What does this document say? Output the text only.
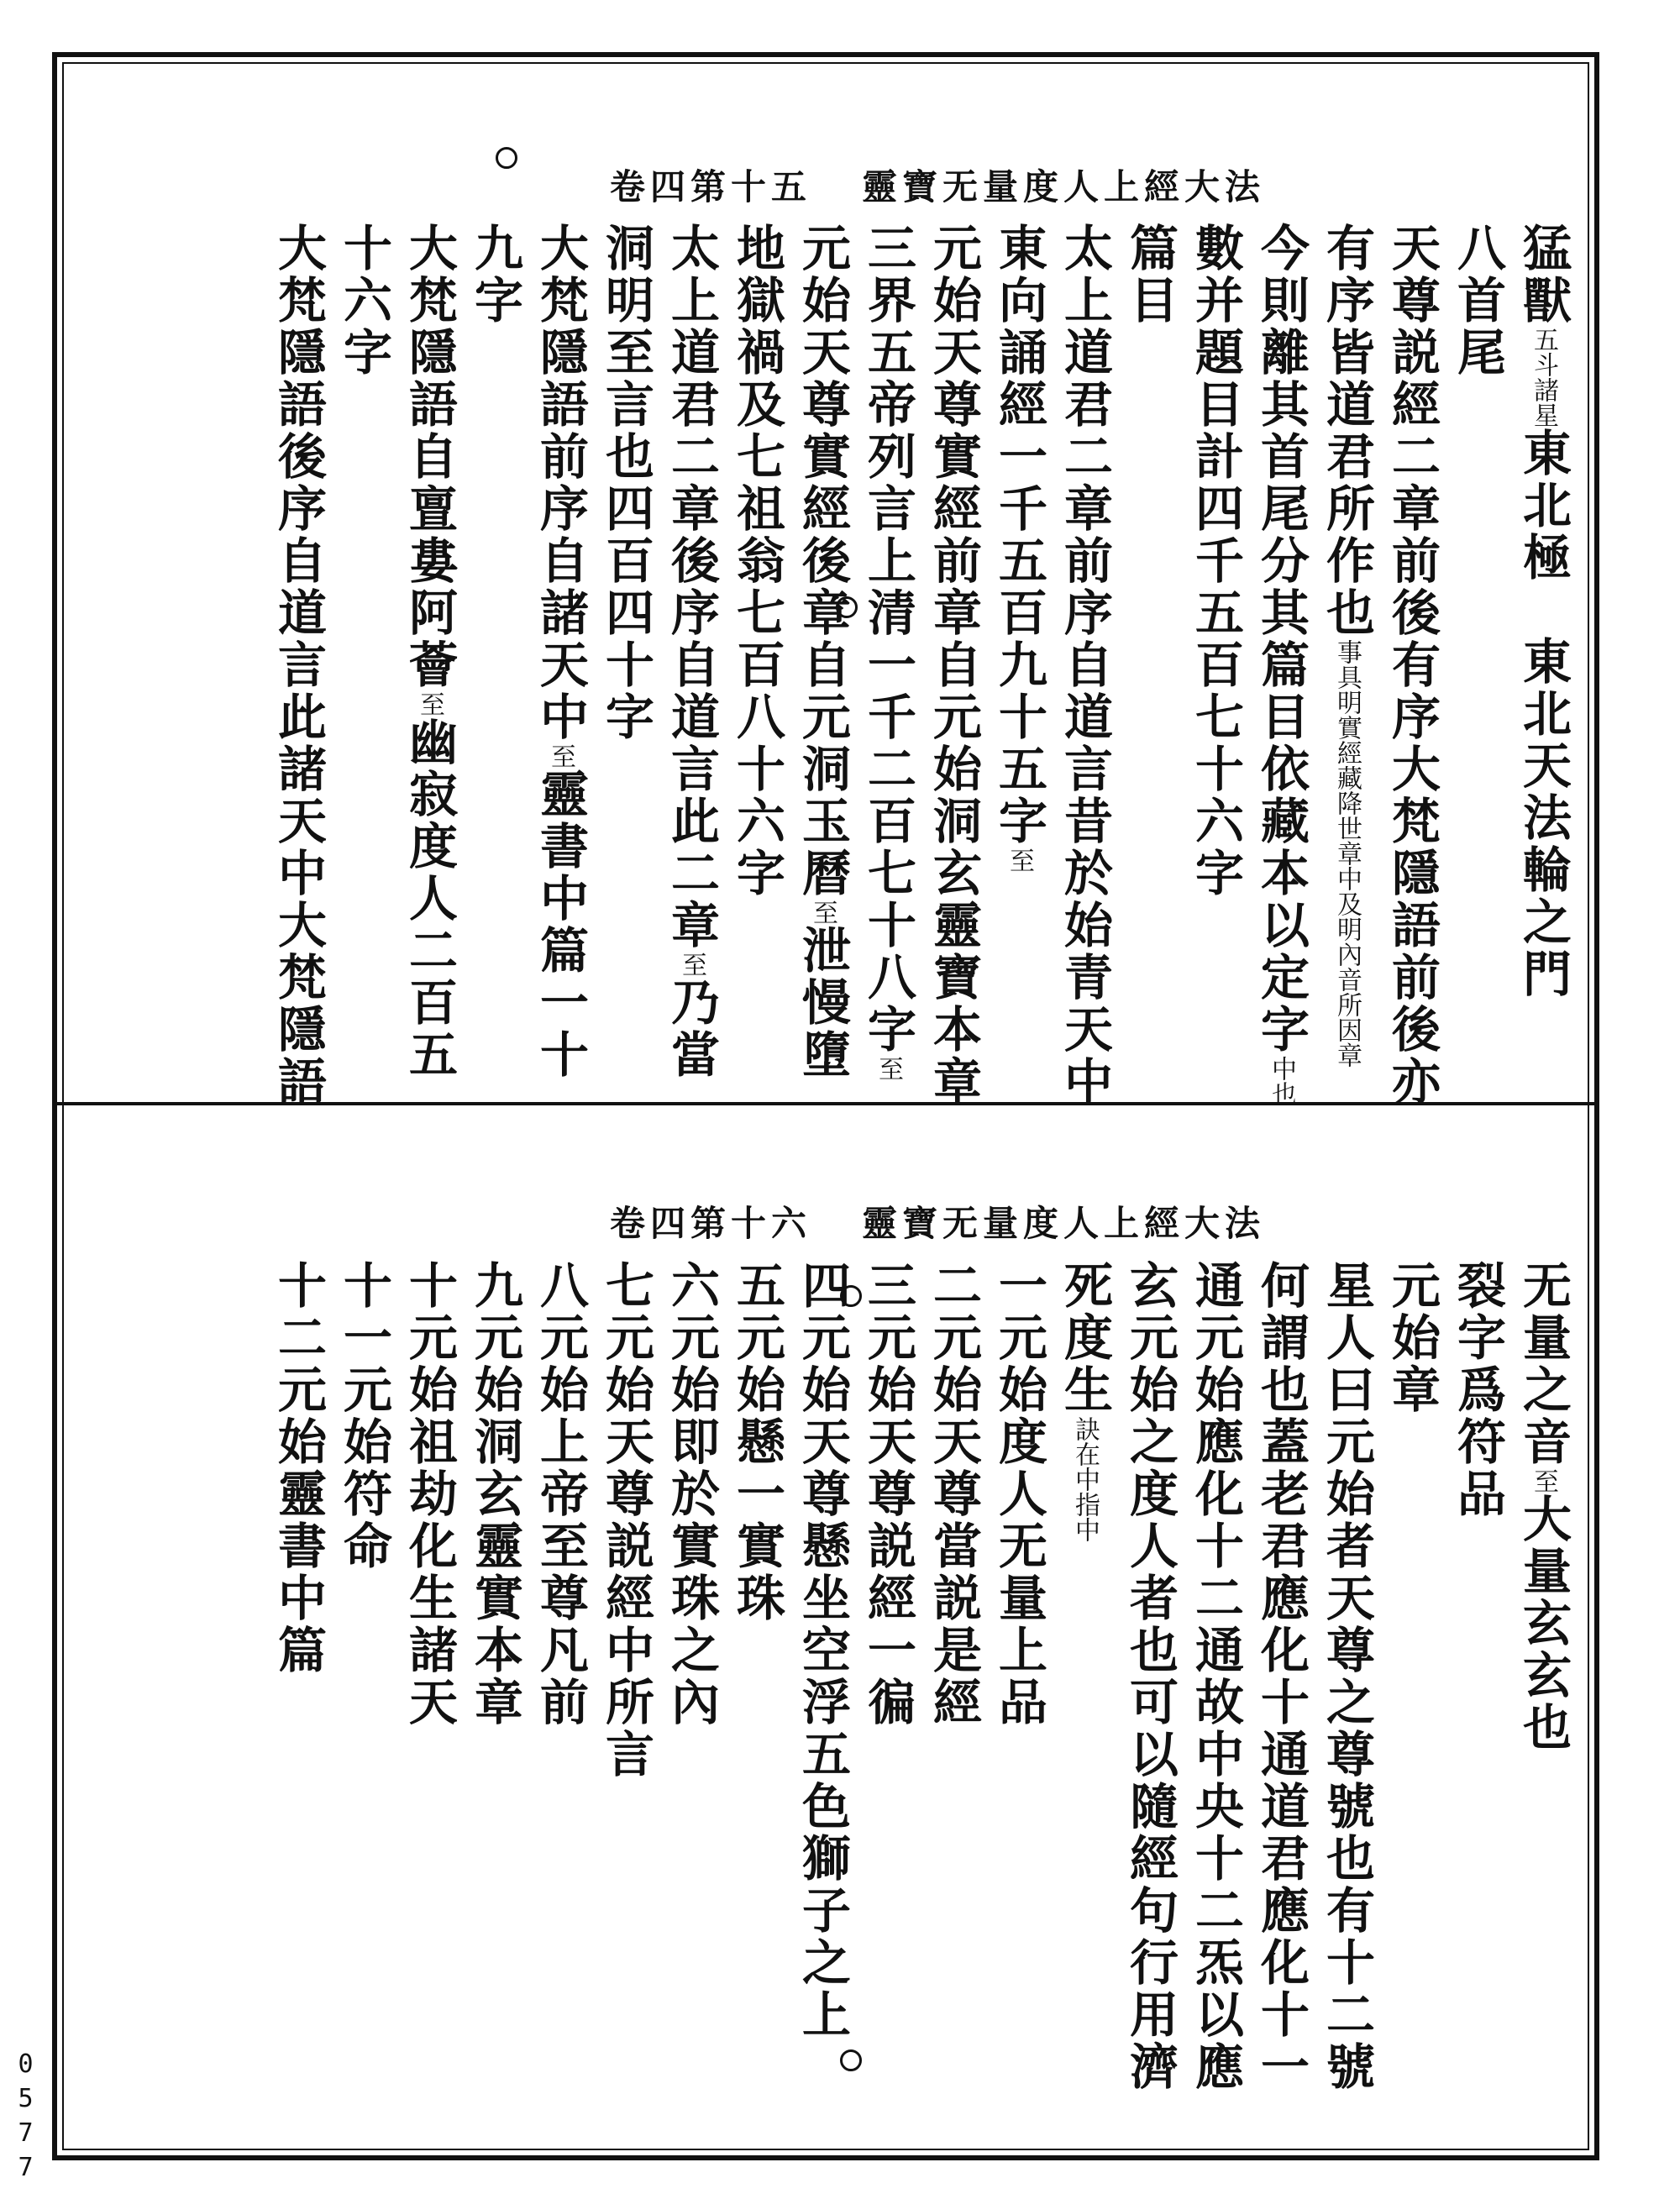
卷四第十五 靈寶无量度人上經大法
猛獸五斗諸星東北極　東北天法輪之門
八首尾
天尊説經二章前後有序大梵隱語前後亦
有序皆道君所作也事具明實經藏降世章中及明內音所因章
今則離其首尾分其篇目依藏本以定字中也
數并題目計四千五百七十六字
篇目
太上道君二章前序自道言昔於始青天中
東向誦經一千五百九十五字至
元始天尊實經前章自元始洞玄靈寶本章
三界五帝列言上清一千二百七十八字至
元始天尊實經後章自元洞玉曆至泄慢墮
地獄禍及七祖翁七百八十六字
太上道君二章後序自道言此二章至乃當
洞明至言也四百四十字
大梵隱語前序自諸天中至靈書中篇一十
九字
大梵隱語自亶婁阿薈至幽寂度人二百五
十六字
大梵隱語後序自道言此諸天中大梵隱語
卷四第十六 靈寶无量度人上經大法
无量之音至大量玄玄也
裂字爲符品
元始章
星人曰元始者天尊之尊號也有十二號
何謂也蓋老君應化十通道君應化十一
通元始應化十二通故中央十二炁以應
玄元始之度人者也可以隨經句行用濟
死度生訣在中指中
一元始度人无量上品
二元始天尊當説是經
三元始天尊説經一徧
四元始天尊懸坐空浮五色獅子之上
五元始懸一實珠
六元始即於實珠之內
七元始天尊説經中所言
八元始上帝至尊凡前
九元始洞玄靈實本章
十元始祖劫化生諸天
十一元始符命
十二元始靈書中篇
0577
